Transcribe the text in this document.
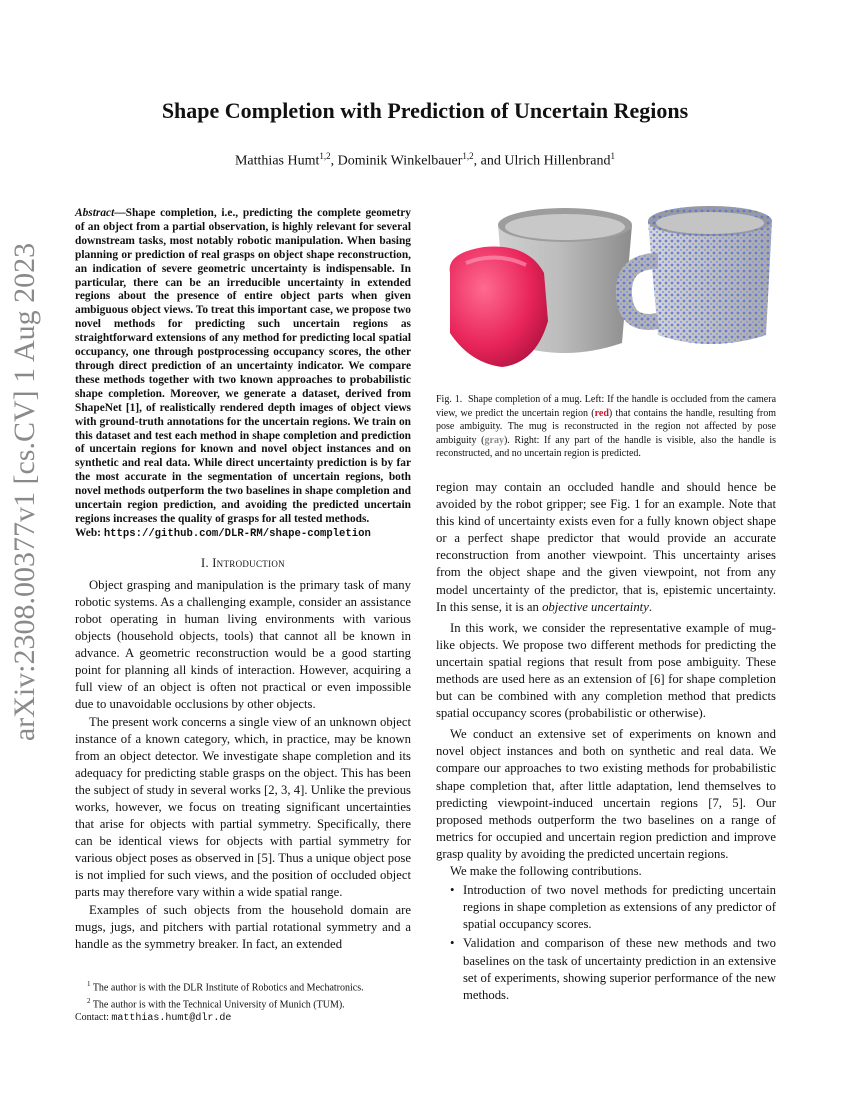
arXiv:2308.00377v1 [cs.CV] 1 Aug 2023
Shape Completion with Prediction of Uncertain Regions
Matthias Humt$^{1,2}$, Dominik Winkelbauer$^{1,2}$, and Ulrich Hillenbrand$^1$

Abstract—Shape completion, i.e., predicting the complete geometry of an object from a partial observation, is highly relevant for several downstream tasks, most notably robotic manipulation. When basing planning or prediction of real grasps on object shape reconstruction, an indication of severe geometric uncertainty is indispensable. In particular, there can be an irreducible uncertainty in extended regions about the presence of entire object parts when given ambiguous object views. To treat this important case, we propose two novel methods for predicting such uncertain regions as straightforward extensions of any method for predicting local spatial occupancy, one through postprocessing occupancy scores, the other through direct prediction of an uncertainty indicator. We compare these methods together with two known approaches to probabilistic shape completion. Moreover, we generate a dataset, derived from ShapeNet [1], of realistically rendered depth images of object views with ground-truth annotations for the uncertain regions. We train on this dataset and test each method in shape completion and prediction of uncertain regions for known and novel object instances and on synthetic and real data. While direct uncertainty prediction is by far the most accurate in the segmentation of uncertain regions, both novel methods outperform the two baselines in shape completion and uncertain region prediction, and avoiding the predicted uncertain regions increases the quality of grasps for all tested methods.
Web: https://github.com/DLR-RM/shape-completion

I. Introduction

Object grasping and manipulation is the primary task of many robotic systems. As a challenging example, consider an assistance robot operating in human living environments with various objects (household objects, tools) that cannot all be known in advance. A geometric reconstruction would be a good starting point for planning all kinds of interaction. However, acquiring a full view of an object is often not practical or even impossible due to unavoidable occlusions by other objects.

The present work concerns a single view of an unknown object instance of a known category, which, in practice, may be known from an object detector. We investigate shape completion and its adequacy for predicting stable grasps on the object. This has been the subject of study in several works [2, 3, 4]. Unlike the previous works, however, we focus on treating significant uncertainties that arise for objects with partial symmetry. Specifically, there can be identical views for objects with partial symmetry for various object poses as observed in [5]. Thus a unique object pose is not implied for such views, and the position of occluded object parts may therefore vary within a wide spatial range.

Examples of such objects from the household domain are mugs, jugs, and pitchers with partial rotational symmetry and a handle as the symmetry breaker. In fact, an extended

$^1$ The author is with the DLR Institute of Robotics and Mechatronics.
$^2$ The author is with the Technical University of Munich (TUM).
Contact: matthias.humt@dlr.de

Fig. 1. Shape completion of a mug. Left: If the handle is occluded from the camera view, we predict the uncertain region (red) that contains the handle, resulting from pose ambiguity. The mug is reconstructed in the region not affected by pose ambiguity (gray). Right: If any part of the handle is visible, also the handle is reconstructed, and no uncertain region is predicted.

region may contain an occluded handle and should hence be avoided by the robot gripper; see Fig. 1 for an example. Note that this kind of uncertainty exists even for a fully known object shape or a perfect shape predictor that would provide an accurate reconstruction from another viewpoint. This uncertainty arises from the object shape and the given viewpoint, not from any model uncertainty of the predictor, that is, epistemic uncertainty. In this sense, it is an objective uncertainty.

In this work, we consider the representative example of mug-like objects. We propose two different methods for predicting the uncertain spatial regions that result from pose ambiguity. These methods are used here as an extension of [6] for shape completion but can be combined with any completion method that predicts spatial occupancy scores (probabilistic or otherwise).

We conduct an extensive set of experiments on known and novel object instances and both on synthetic and real data. We compare our approaches to two existing methods for probabilistic shape completion that, after little adaptation, lend themselves to predicting viewpoint-induced uncertain regions [7, 5]. Our proposed methods outperform the two baselines on a range of metrics for occupied and uncertain region prediction and improve grasp quality by avoiding the predicted uncertain regions.

We make the following contributions.

• Introduction of two novel methods for predicting uncertain regions in shape completion as extensions of any predictor of spatial occupancy scores.
• Validation and comparison of these new methods and two baselines on the task of uncertainty prediction in an extensive set of experiments, showing superior performance of the new methods.
